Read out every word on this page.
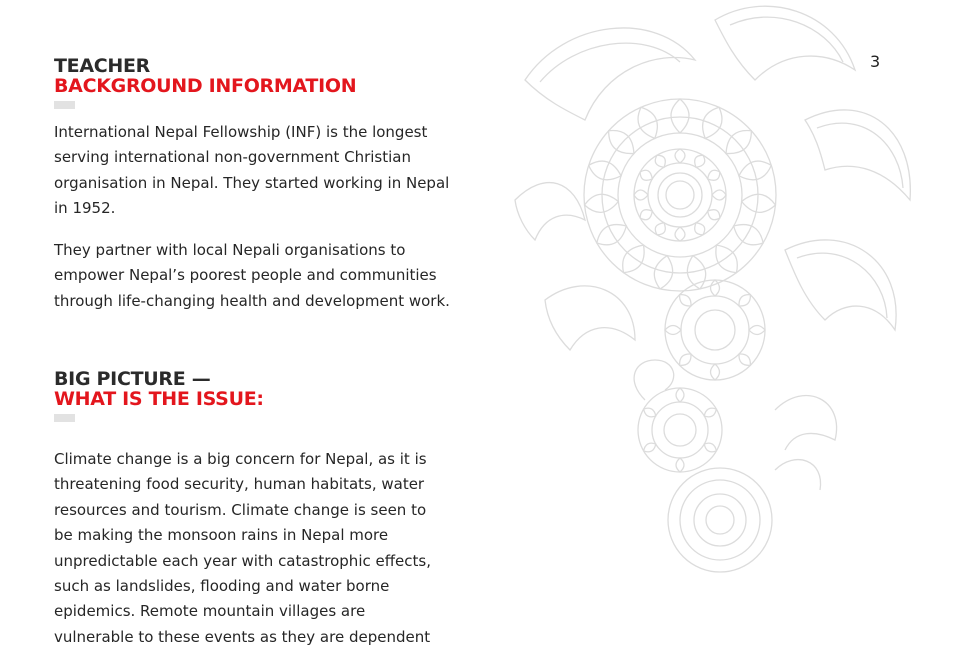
3
TEACHER
BACKGROUND INFORMATION

International Nepal Fellowship (INF) is the longest serving international non-government Christian organisation in Nepal. They started working in Nepal in 1952.

They partner with local Nepali organisations to empower Nepal’s poorest people and communities through life-changing health and development work.

BIG PICTURE —
WHAT IS THE ISSUE:

Climate change is a big concern for Nepal, as it is threatening food security, human habitats, water resources and tourism. Climate change is seen to be making the monsoon rains in Nepal more unpredictable each year with catastrophic effects, such as landslides, flooding and water borne epidemics. Remote mountain villages are vulnerable to these events as they are dependent
